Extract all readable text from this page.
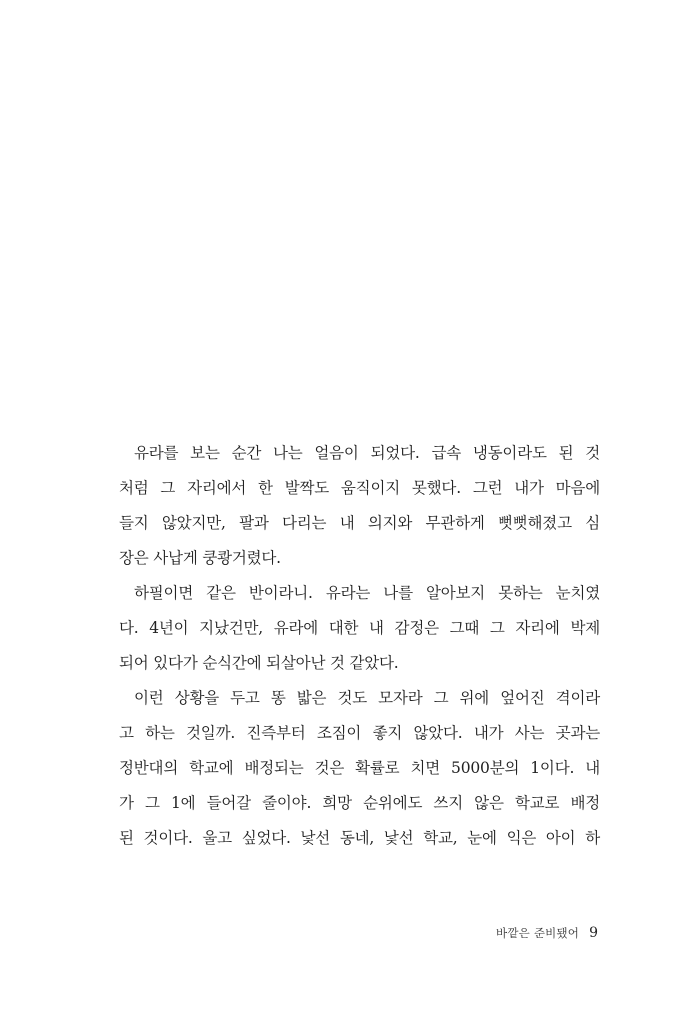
유라를 보는 순간 나는 얼음이 되었다. 급속 냉동이라도 된 것
처럼 그 자리에서 한 발짝도 움직이지 못했다. 그런 내가 마음에
들지 않았지만, 팔과 다리는 내 의지와 무관하게 뻣뻣해졌고 심
장은 사납게 쿵쾅거렸다.

하필이면 같은 반이라니. 유라는 나를 알아보지 못하는 눈치였
다. 4년이 지났건만, 유라에 대한 내 감정은 그때 그 자리에 박제
되어 있다가 순식간에 되살아난 것 같았다.

이런 상황을 두고 똥 밟은 것도 모자라 그 위에 엎어진 격이라
고 하는 것일까. 진즉부터 조짐이 좋지 않았다. 내가 사는 곳과는
정반대의 학교에 배정되는 것은 확률로 치면 5000분의 1이다. 내
가 그 1에 들어갈 줄이야. 희망 순위에도 쓰지 않은 학교로 배정
된 것이다. 울고 싶었다. 낯선 동네, 낯선 학교, 눈에 익은 아이 하

바깥은 준비됐어 9
